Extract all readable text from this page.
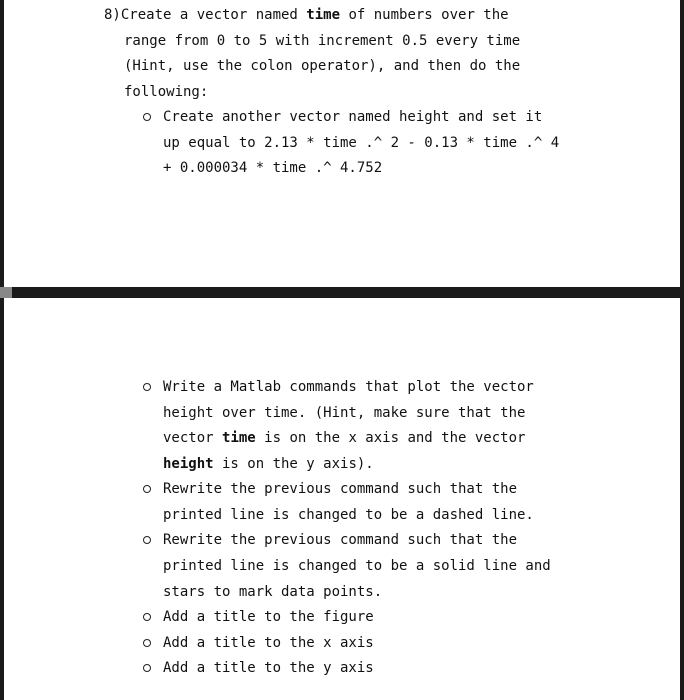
8)Create a vector named time of numbers over the
range from 0 to 5 with increment 0.5 every time
(Hint, use the colon operator), and then do the
following:
Create another vector named height and set it
up equal to 2.13 * time .^ 2 - 0.13 * time .^ 4
+ 0.000034 * time .^ 4.752
Write a Matlab commands that plot the vector
height over time. (Hint, make sure that the
vector time is on the x axis and the vector
height is on the y axis).
Rewrite the previous command such that the
printed line is changed to be a dashed line.
Rewrite the previous command such that the
printed line is changed to be a solid line and
stars to mark data points.
Add a title to the figure
Add a title to the x axis
Add a title to the y axis
